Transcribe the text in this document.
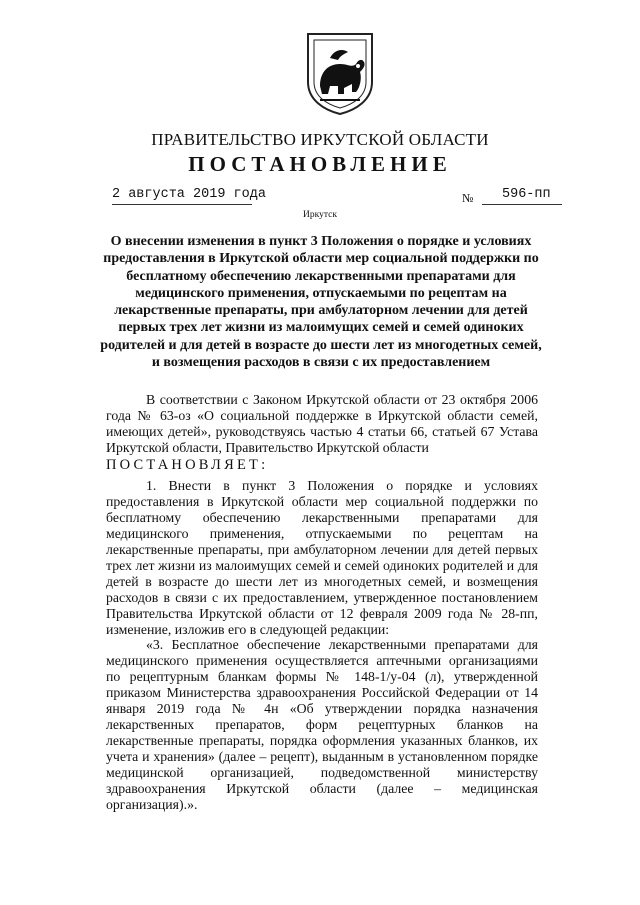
ПРАВИТЕЛЬСТВО ИРКУТСКОЙ ОБЛАСТИ
ПОСТАНОВЛЕНИЕ
2 августа 2019 года	№ 596-пп
Иркутск
О внесении изменения в пункт 3 Положения о порядке и условиях предоставления в Иркутской области мер социальной поддержки по бесплатному обеспечению лекарственными препаратами для медицинского применения, отпускаемыми по рецептам на лекарственные препараты, при амбулаторном лечении для детей первых трех лет жизни из малоимущих семей и семей одиноких родителей и для детей в возрасте до шести лет из многодетных семей, и возмещения расходов в связи с их предоставлением

В соответствии с Законом Иркутской области от 23 октября 2006 года № 63-оз «О социальной поддержке в Иркутской области семей, имеющих детей», руководствуясь частью 4 статьи 66, статьей 67 Устава Иркутской области, Правительство Иркутской области

ПОСТАНОВЛЯЕТ:

1. Внести в пункт 3 Положения о порядке и условиях предоставления в Иркутской области мер социальной поддержки по бесплатному обеспечению лекарственными препаратами для медицинского применения, отпускаемыми по рецептам на лекарственные препараты, при амбулаторном лечении для детей первых трех лет жизни из малоимущих семей и семей одиноких родителей и для детей в возрасте до шести лет из многодетных семей, и возмещения расходов в связи с их предоставлением, утвержденное постановлением Правительства Иркутской области от 12 февраля 2009 года № 28-пп, изменение, изложив его в следующей редакции:

«3. Бесплатное обеспечение лекарственными препаратами для медицинского применения осуществляется аптечными организациями по рецептурным бланкам формы № 148-1/у-04 (л), утвержденной приказом Министерства здравоохранения Российской Федерации от 14 января 2019 года № 4н «Об утверждении порядка назначения лекарственных препаратов, форм рецептурных бланков на лекарственные препараты, порядка оформления указанных бланков, их учета и хранения» (далее – рецепт), выданным в установленном порядке медицинской организацией, подведомственной министерству здравоохранения Иркутской области (далее – медицинская организация).».
